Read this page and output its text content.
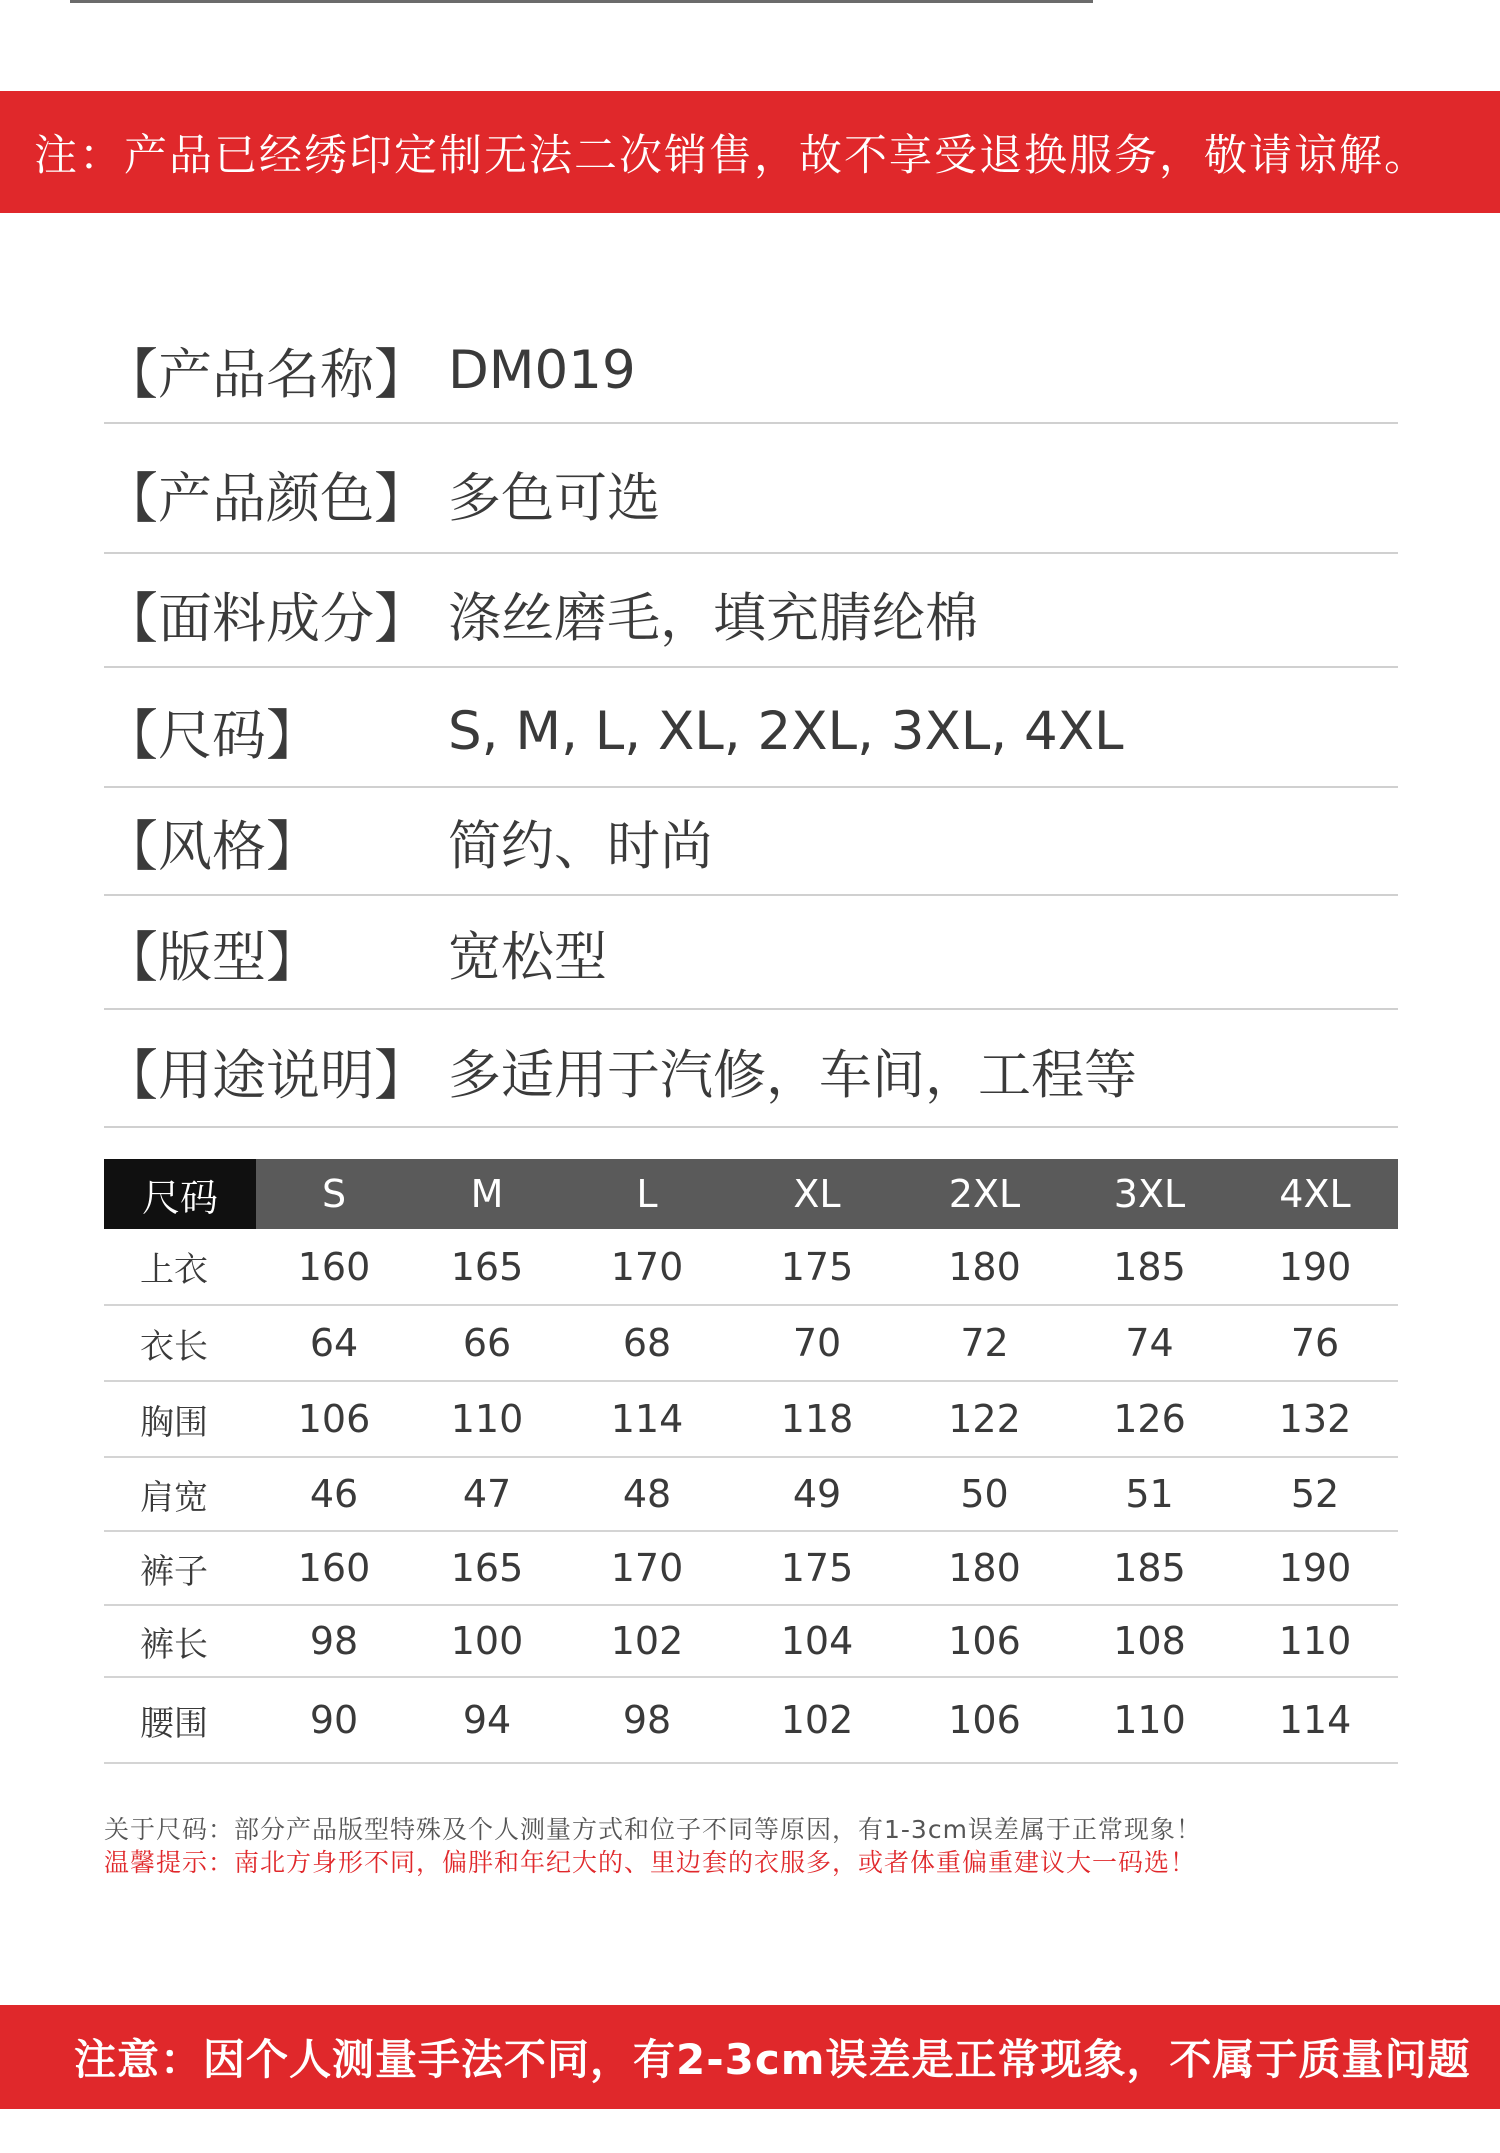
注：产品已经绣印定制无法二次销售，故不享受退换服务，敬请谅解。
【产品名称】 DM019
【产品颜色】 多色可选
【面料成分】 涤丝磨毛，填充腈纶棉
【尺码】	S, M, L, XL, 2XL, 3XL, 4XL
【风格】	简约、时尚
【版型】	宽松型
【用途说明】 多适用于汽修，车间，工程等
尺码	S	M	L	XL	2XL	3XL	4XL
上衣	160	165	170	175	180	185	190
衣长	64	66	68	70	72	74	76
胸围	106	110	114	118	122	126	132
肩宽	46	47	48	49	50	51	52
裤子	160	165	170	175	180	185	190
裤长	98	100	102	104	106	108	110
腰围	90	94	98	102	106	110	114
关于尺码：部分产品版型特殊及个人测量方式和位子不同等原因，有1-3cm误差属于正常现象！
温馨提示：南北方身形不同，偏胖和年纪大的、里边套的衣服多，或者体重偏重建议大一码选！
注意：因个人测量手法不同，有2-3cm误差是正常现象，不属于质量问题
